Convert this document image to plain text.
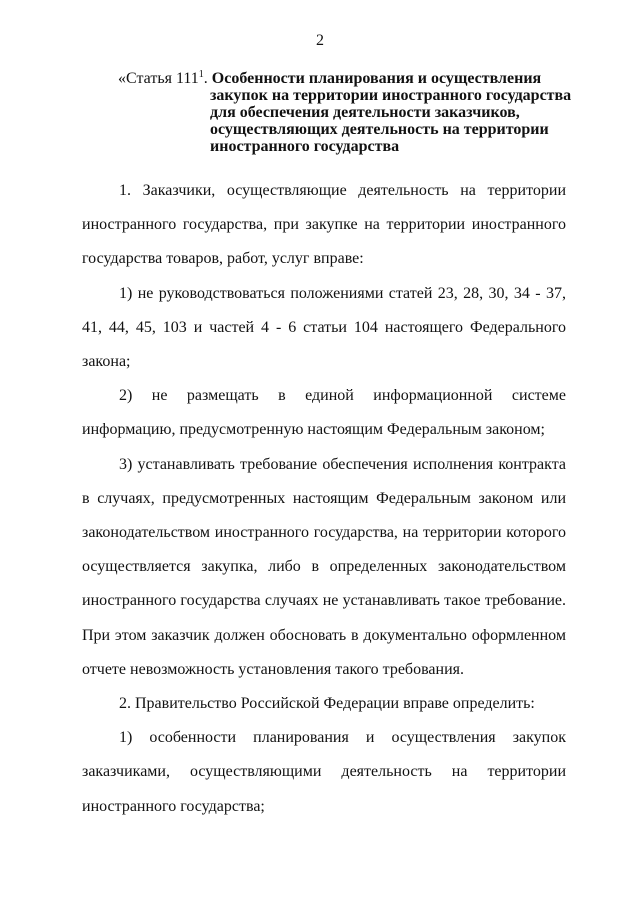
2
«Статья $111^1$. Особенности планирования и осуществления
закупок на территории иностранного государства
для обеспечения деятельности заказчиков,
осуществляющих деятельность на территории
иностранного государства

1. Заказчики, осуществляющие деятельность на территории иностранного государства, при закупке на территории иностранного государства товаров, работ, услуг вправе:

1) не руководствоваться положениями статей 23, 28, 30, 34 - 37, 41, 44, 45, 103 и частей 4 - 6 статьи 104 настоящего Федерального закона;

2) не размещать в единой информационной системе информацию, предусмотренную настоящим Федеральным законом;

3) устанавливать требование обеспечения исполнения контракта в случаях, предусмотренных настоящим Федеральным законом или законодательством иностранного государства, на территории которого осуществляется закупка, либо в определенных законодательством иностранного государства случаях не устанавливать такое требование. При этом заказчик должен обосновать в документально оформленном отчете невозможность установления такого требования.

2. Правительство Российской Федерации вправе определить:

1) особенности планирования и осуществления закупок заказчиками, осуществляющими деятельность на территории иностранного государства;
